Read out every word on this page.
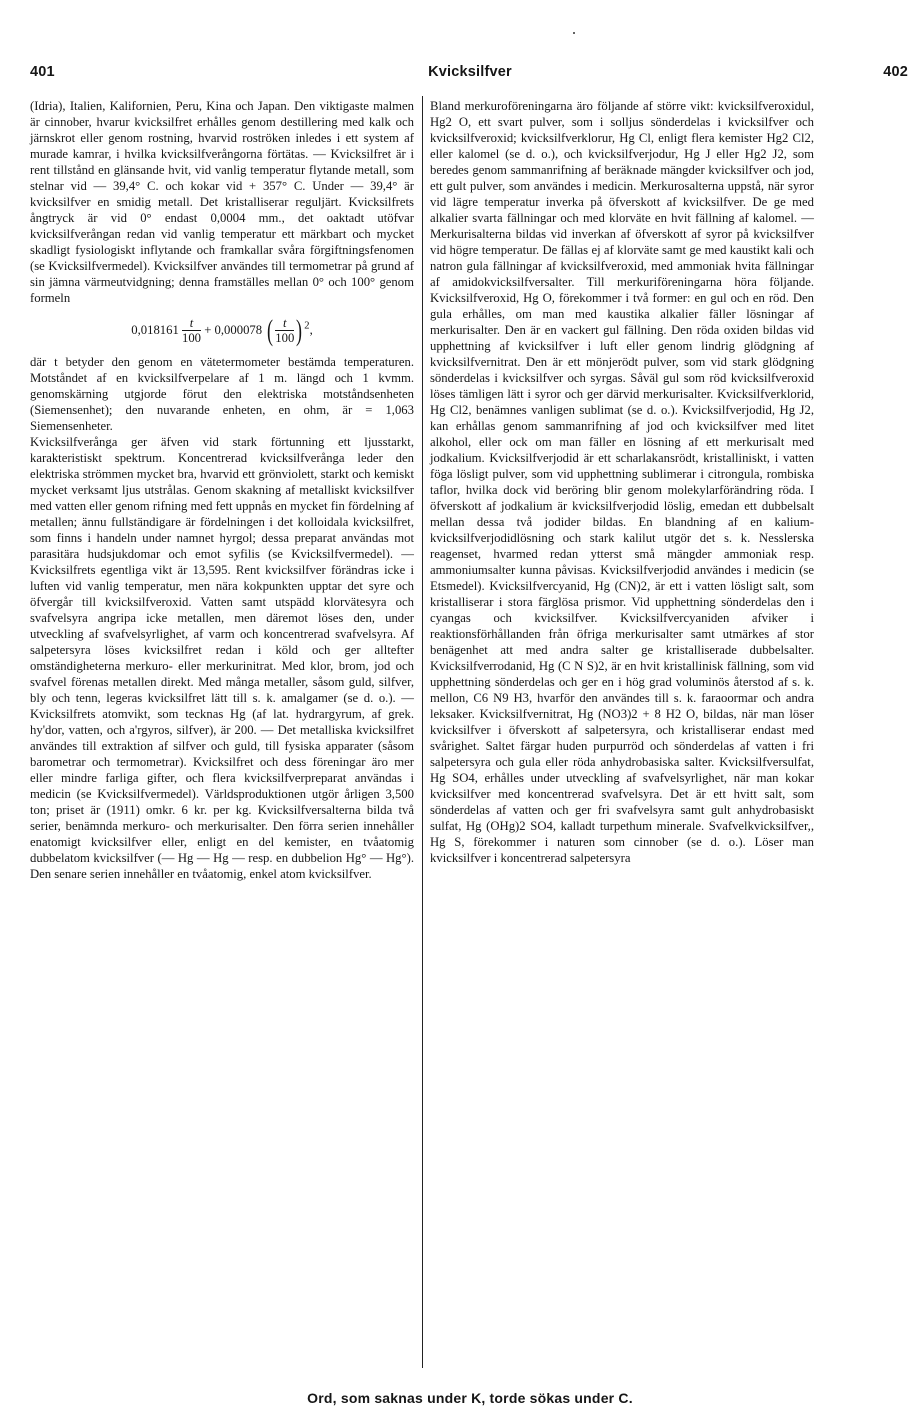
401	Kvicksilfver	402

(Idria), Italien, Kalifornien, Peru, Kina och Japan. Den viktigaste malmen är cinnober, hvarur kvicksilfret erhålles genom destillering med kalk och järnskrot eller genom rostning, hvarvid roströken inledes i ett system af murade kamrar, i hvilka kvicksilfverångorna förtätas. — Kvicksilfret är i rent tillstånd en glänsande hvit, vid vanlig temperatur flytande metall, som stelnar vid — 39,4° C. och kokar vid + 357° C. Under — 39,4° är kvicksilfver en smidig metall. Det kristalliserar reguljärt. Kvicksilfrets ångtryck är vid 0° endast 0,0004 mm., det oaktadt utöfvar kvicksilfverångan redan vid vanlig temperatur ett märkbart och mycket skadligt fysiologiskt inflytande och framkallar svåra förgiftningsfenomen (se Kvicksilfvermedel). Kvicksilfver användes till termometrar på grund af sin jämna värmeutvidgning; denna framställes mellan 0° och 100° genom formeln

$0,018161 \frac{t}{100} + 0,000078$ ( $\frac{t}{100}$ ) $^2$,

där t betyder den genom en vätetermometer bestämda temperaturen. Motståndet af en kvicksilfverpelare af 1 m. längd och 1 kvmm. genomskärning utgjorde förut den elektriska motståndsenheten (Siemensenhet); den nuvarande enheten, en ohm, är = 1,063 Siemensenheter.

Kvicksilfverånga ger äfven vid stark förtunning ett ljusstarkt, karakteristiskt spektrum. Koncentrerad kvicksilfverånga leder den elektriska strömmen mycket bra, hvarvid ett grönviolett, starkt och kemiskt mycket verksamt ljus utstrålas. Genom skakning af metalliskt kvicksilfver med vatten eller genom rifning med fett uppnås en mycket fin fördelning af metallen; ännu fullständigare är fördelningen i det kolloidala kvicksilfret, som finns i handeln under namnet hyrgol; dessa preparat användas mot parasitära hudsjukdomar och emot syfilis (se Kvicksilfvermedel). — Kvicksilfrets egentliga vikt är 13,595. Rent kvicksilfver förändras icke i luften vid vanlig temperatur, men nära kokpunkten upptar det syre och öfvergår till kvicksilfveroxid. Vatten samt utspädd klorvätesyra och svafvelsyra angripa icke metallen, men däremot löses den, under utveckling af svafvelsyrlighet, af varm och koncentrerad svafvelsyra. Af salpetersyra löses kvicksilfret redan i köld och ger alltefter omständigheterna merkuro- eller merkurinitrat. Med klor, brom, jod och svafvel förenas metallen direkt. Med många metaller, såsom guld, silfver, bly och tenn, legeras kvicksilfret lätt till s. k. amalgamer (se d. o.). — Kvicksilfrets atomvikt, som tecknas Hg (af lat. hydrargyrum, af grek. hy'dor, vatten, och a'rgyros, silfver), är 200. — Det metalliska kvicksilfret användes till extraktion af silfver och guld, till fysiska apparater (såsom barometrar och termometrar). Kvicksilfret och dess föreningar äro mer eller mindre farliga gifter, och flera kvicksilfverpreparat användas i medicin (se Kvicksilfvermedel). Världsproduktionen utgör årligen 3,500 ton; priset är (1911) omkr. 6 kr. per kg. Kvicksilfversalterna bilda två serier, benämnda merkuro- och merkurisalter. Den förra serien innehåller enatomigt kvicksilfver eller, enligt en del kemister, en tvåatomig dubbelatom kvicksilfver (— Hg — Hg — resp. en dubbelion Hg° — Hg°). Den senare serien innehåller en tvåatomig, enkel atom kvicksilfver.

Bland merkuroföreningarna äro följande af större vikt: kvicksilfveroxidul, Hg2 O, ett svart pulver, som i solljus sönderdelas i kvicksilfver och kvicksilfveroxid; kvicksilfverklorur, Hg Cl, enligt flera kemister Hg2 Cl2, eller kalomel (se d. o.), och kvicksilfverjodur, Hg J eller Hg2 J2, som beredes genom sammanrifning af beräknade mängder kvicksilfver och jod, ett gult pulver, som användes i medicin. Merkurosalterna uppstå, när syror vid lägre temperatur inverka på öfverskott af kvicksilfver. De ge med alkalier svarta fällningar och med klorväte en hvit fällning af kalomel. — Merkurisalterna bildas vid inverkan af öfverskott af syror på kvicksilfver vid högre temperatur. De fällas ej af klorväte samt ge med kaustikt kali och natron gula fällningar af kvicksilfveroxid, med ammoniak hvita fällningar af amidokvicksilfversalter. Till merkuriföreningarna höra följande. Kvicksilfveroxid, Hg O, förekommer i två former: en gul och en röd. Den gula erhålles, om man med kaustika alkalier fäller lösningar af merkurisalter. Den är en vackert gul fällning. Den röda oxiden bildas vid upphettning af kvicksilfver i luft eller genom lindrig glödgning af kvicksilfvernitrat. Den är ett mönjerödt pulver, som vid stark glödgning sönderdelas i kvicksilfver och syrgas. Såväl gul som röd kvicksilfveroxid löses tämligen lätt i syror och ger därvid merkurisalter. Kvicksilfverklorid, Hg Cl2, benämnes vanligen sublimat (se d. o.). Kvicksilfverjodid, Hg J2, kan erhållas genom sammanrifning af jod och kvicksilfver med litet alkohol, eller ock om man fäller en lösning af ett merkurisalt med jodkalium. Kvicksilfverjodid är ett scharlakansrödt, kristalliniskt, i vatten föga lösligt pulver, som vid upphettning sublimerar i citrongula, rombiska taflor, hvilka dock vid beröring blir genom molekylarförändring röda. I öfverskott af jodkalium är kvicksilfverjodid löslig, emedan ett dubbelsalt mellan dessa två jodider bildas. En blandning af en kalium-kvicksilfverjodidlösning och stark kalilut utgör det s. k. Nesslerska reagenset, hvarmed redan ytterst små mängder ammoniak resp. ammoniumsalter kunna påvisas. Kvicksilfverjodid användes i medicin (se Etsmedel). Kvicksilfvercyanid, Hg (CN)2, är ett i vatten lösligt salt, som kristalliserar i stora färglösa prismor. Vid upphettning sönderdelas den i cyangas och kvicksilfver. Kvicksilfvercyaniden afviker i reaktionsförhållanden från öfriga merkurisalter samt utmärkes af stor benägenhet att med andra salter ge kristalliserade dubbelsalter. Kvicksilfverrodanid, Hg (C N S)2, är en hvit kristallinisk fällning, som vid upphettning sönderdelas och ger en i hög grad voluminös återstod af s. k. mellon, C6 N9 H3, hvarför den användes till s. k. faraoormar och andra leksaker. Kvicksilfvernitrat, Hg (NO3)2 + 8 H2 O, bildas, när man löser kvicksilfver i öfverskott af salpetersyra, och kristalliserar endast med svårighet. Saltet färgar huden purpurröd och sönderdelas af vatten i fri salpetersyra och gula eller röda anhydrobasiska salter. Kvicksilfversulfat, Hg SO4, erhålles under utveckling af svafvelsyrlighet, när man kokar kvicksilfver med koncentrerad svafvelsyra. Det är ett hvitt salt, som sönderdelas af vatten och ger fri svafvelsyra samt gult anhydrobasiskt sulfat, Hg (OHg)2 SO4, kalladt turpethum minerale. Svafvelkvicksilfver,, Hg S, förekommer i naturen som cinnober (se d. o.). Löser man kvicksilfver i koncentrerad salpetersyra

Ord, som saknas under K, torde sökas under C.
